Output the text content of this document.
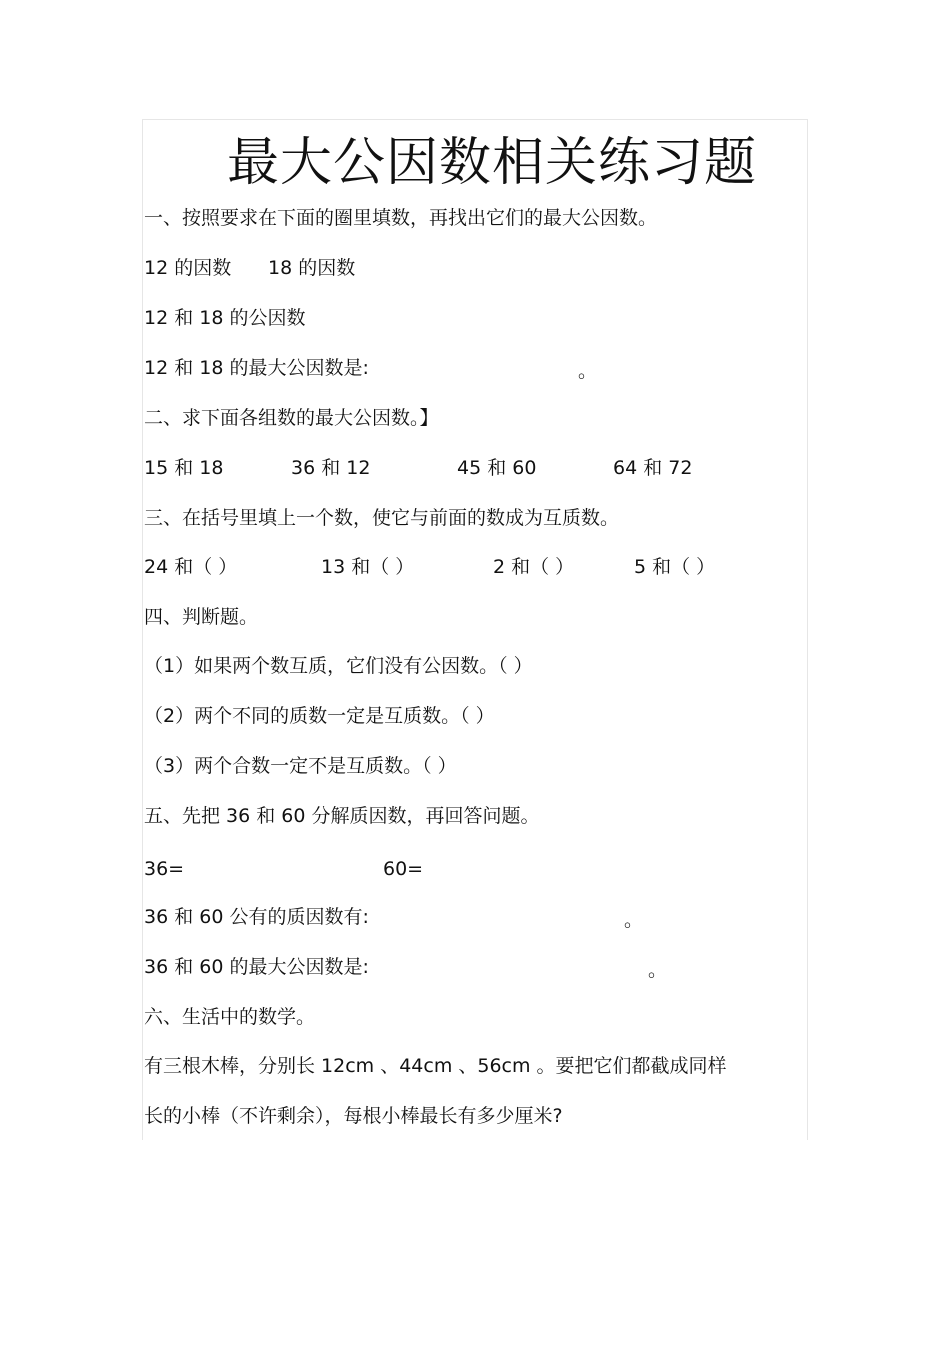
最大公因数相关练习题
一、按照要求在下面的圈里填数，再找出它们的最大公因数。
12 的因数 18 的因数
12 和 18 的公因数
12 和 18 的最大公因数是:	。
二、求下面各组数的最大公因数。】
15 和 18	36 和 12	45 和 60	64 和 72
三、在括号里填上一个数，使它与前面的数成为互质数。
24 和（ ）	13 和（ ）	2 和（ ）	5 和（ ）
四、判断题。
（1）如果两个数互质，它们没有公因数。（ ）
（2）两个不同的质数一定是互质数。（ ）
（3）两个合数一定不是互质数。（ ）
五、先把 36 和 60 分解质因数，再回答问题。
36=	60=
36 和 60 公有的质因数有:	。
36 和 60 的最大公因数是:	。
六、生活中的数学。
有三根木棒，分别长 12cm 、44cm 、56cm 。要把它们都截成同样
长的小棒（不许剩余），每根小棒最长有多少厘米?
